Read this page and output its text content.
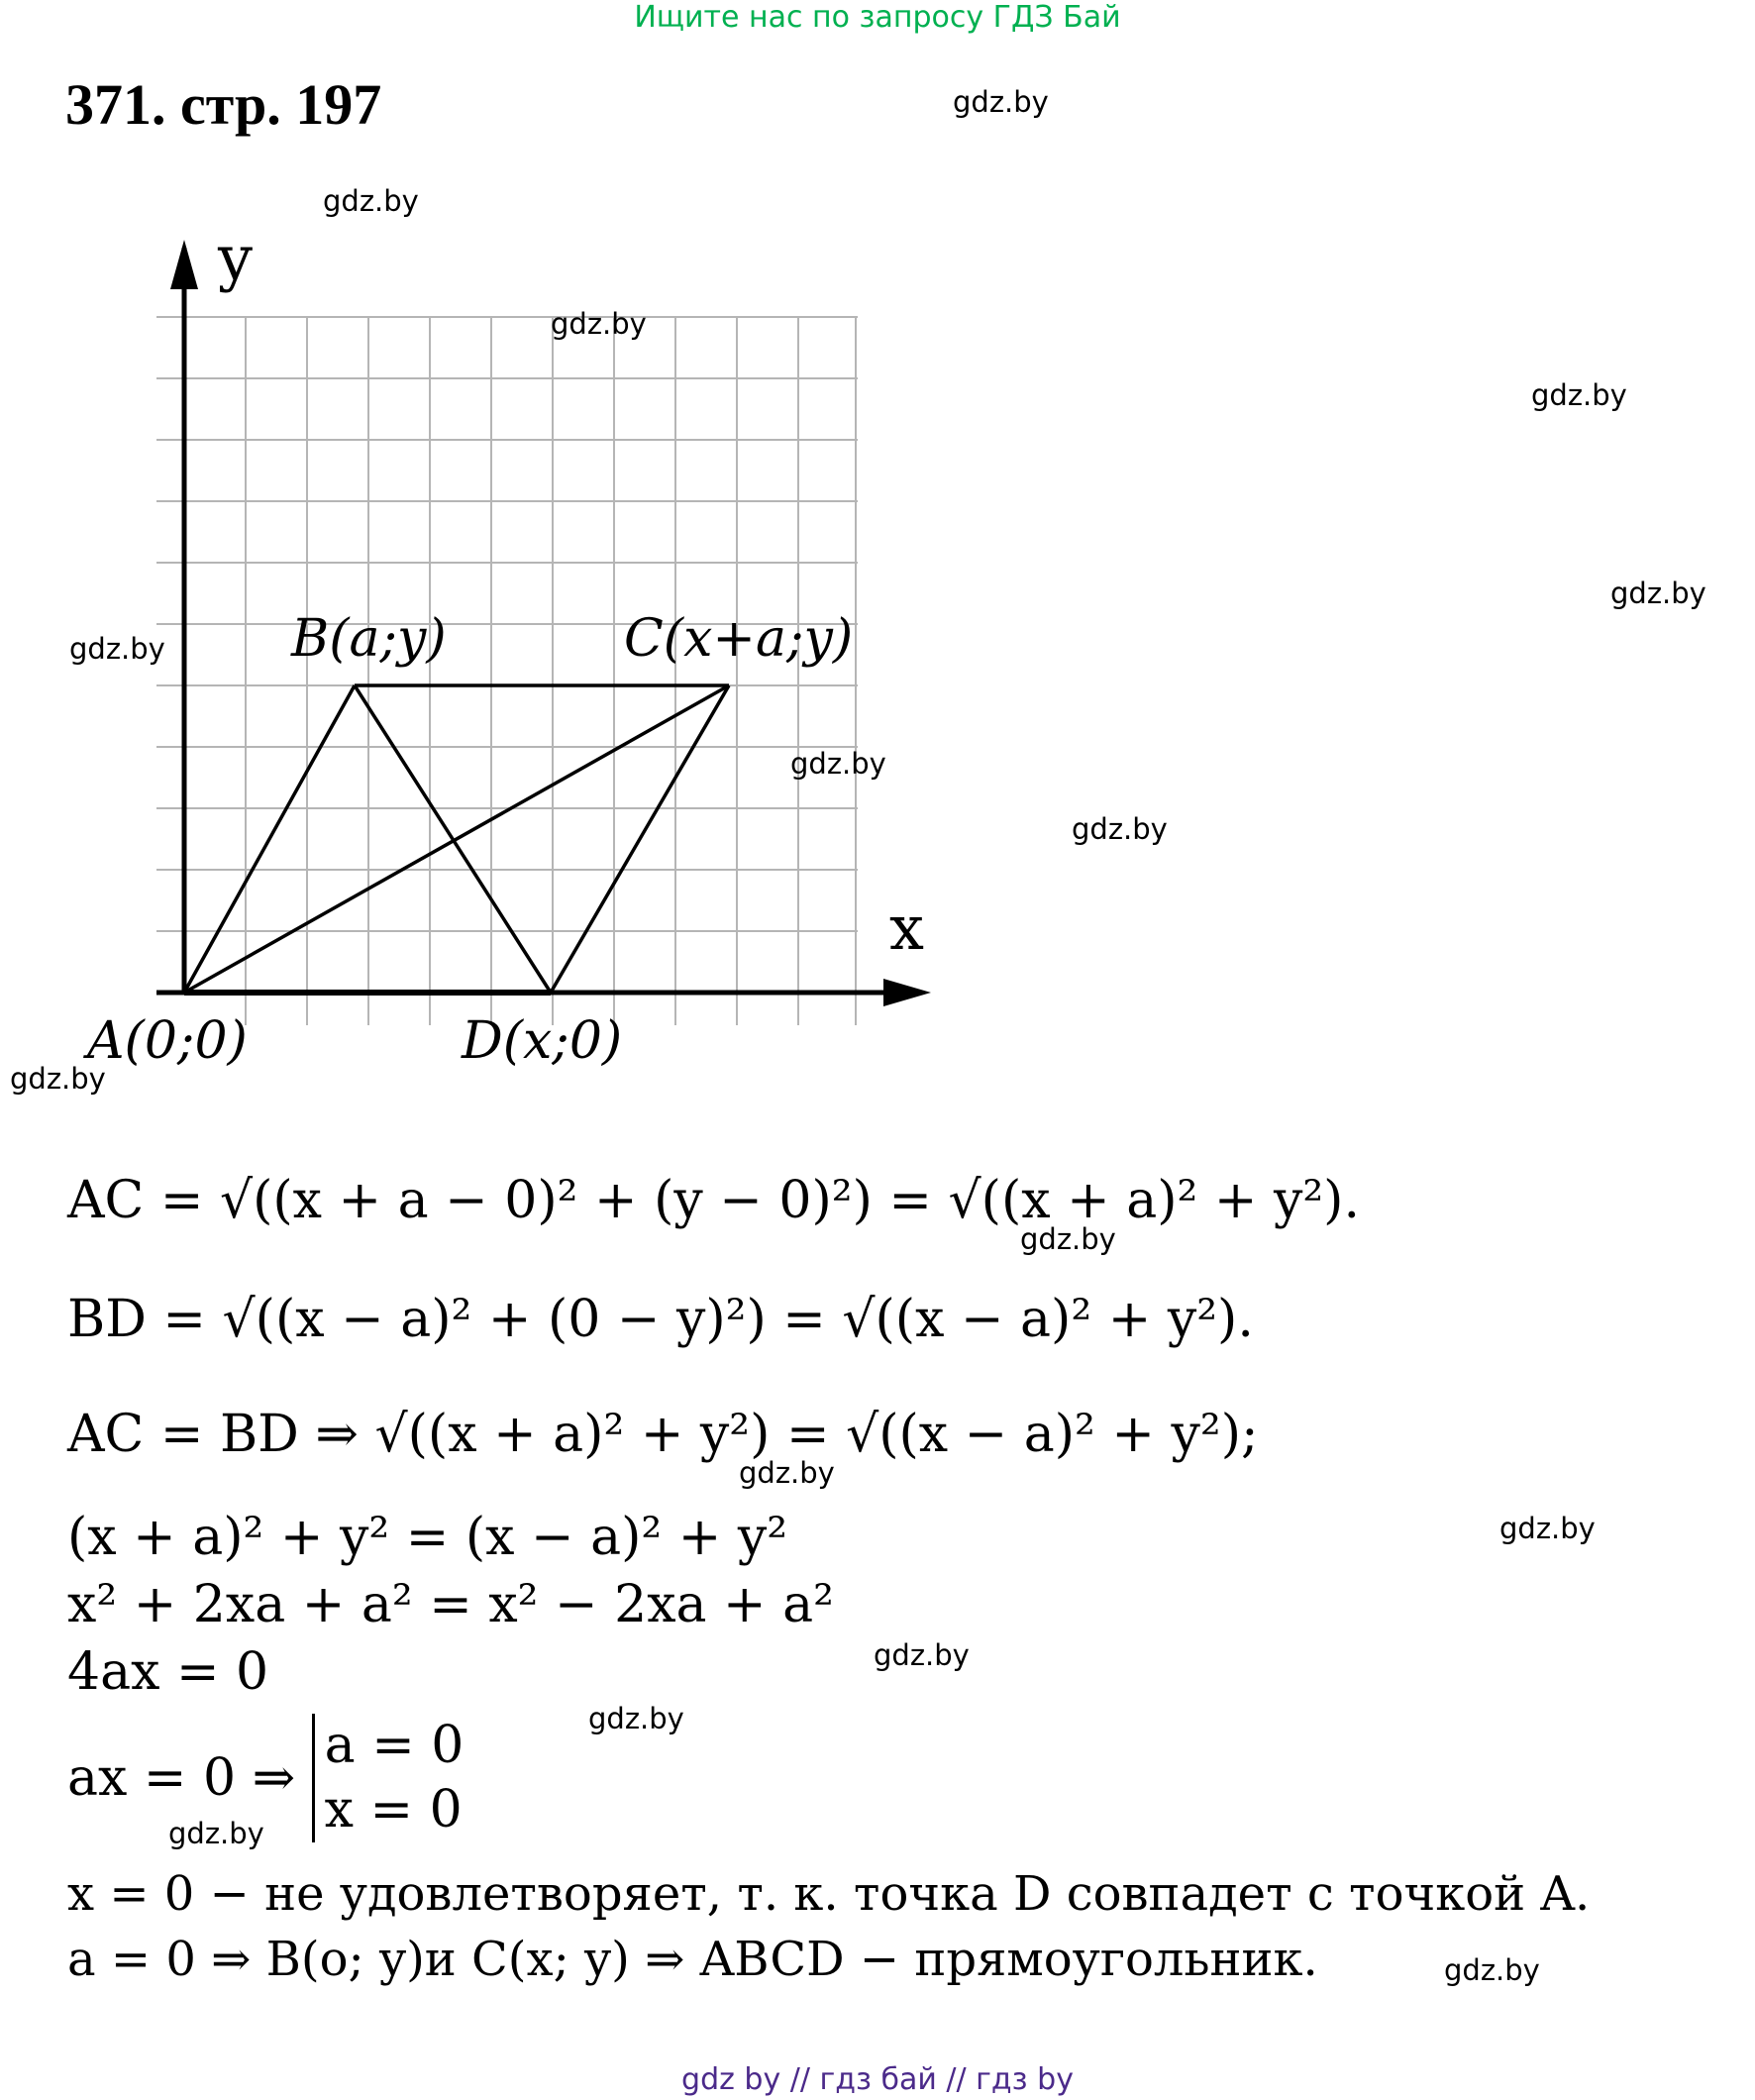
Ищите нас по запросу ГДЗ Бай
371. стр. 197
y
x
B(a;y)	C(x+a;y)
A(0;0)	D(x;0)
AC = √((x + a − 0)² + (y − 0)²) = √((x + a)² + y²).
BD = √((x − a)² + (0 − y)²) = √((x − a)² + y²).
AC = BD ⇒ √((x + a)² + y²) = √((x − a)² + y²);
(x + a)² + y² = (x − a)² + y²
x² + 2xa + a² = x² − 2xa + a²
4ax = 0
ax = 0 ⇒ a = 0
x = 0
x = 0 − не удовлетворяет, т. к. точка D совпадет с точкой A.
a = 0 ⇒ B(o; y)и C(x; y) ⇒ ABCD − прямоугольник.
gdz.by
gdz.by
gdz.by
gdz.by
gdz.by
gdz.by
gdz.by
gdz.by
gdz.by
gdz.by
gdz.by
gdz.by
gdz.by
gdz.by
gdz.by
gdz.by
gdz by // гдз бай // гдз by
